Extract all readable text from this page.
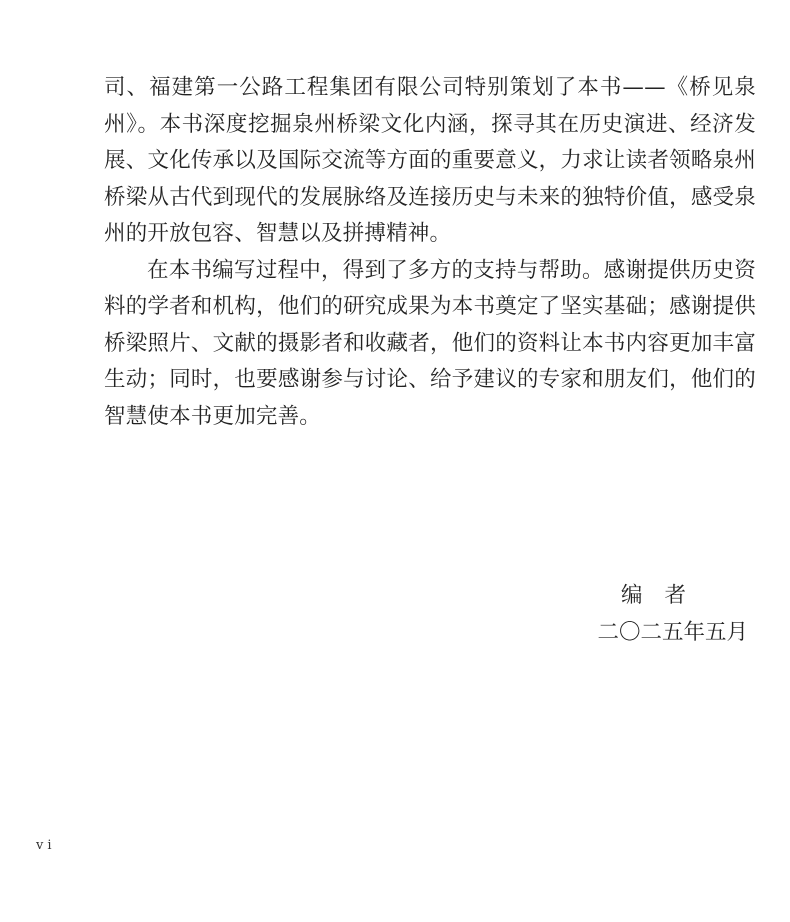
司、福建第一公路工程集团有限公司特别策划了本书——《桥见泉州》。本书深度挖掘泉州桥梁文化内涵，探寻其在历史演进、经济发展、文化传承以及国际交流等方面的重要意义，力求让读者领略泉州桥梁从古代到现代的发展脉络及连接历史与未来的独特价值，感受泉州的开放包容、智慧以及拼搏精神。

在本书编写过程中，得到了多方的支持与帮助。感谢提供历史资料的学者和机构，他们的研究成果为本书奠定了坚实基础；感谢提供桥梁照片、文献的摄影者和收藏者，他们的资料让本书内容更加丰富生动；同时，也要感谢参与讨论、给予建议的专家和朋友们，他们的智慧使本书更加完善。

编者
二〇二五年五月
vi
